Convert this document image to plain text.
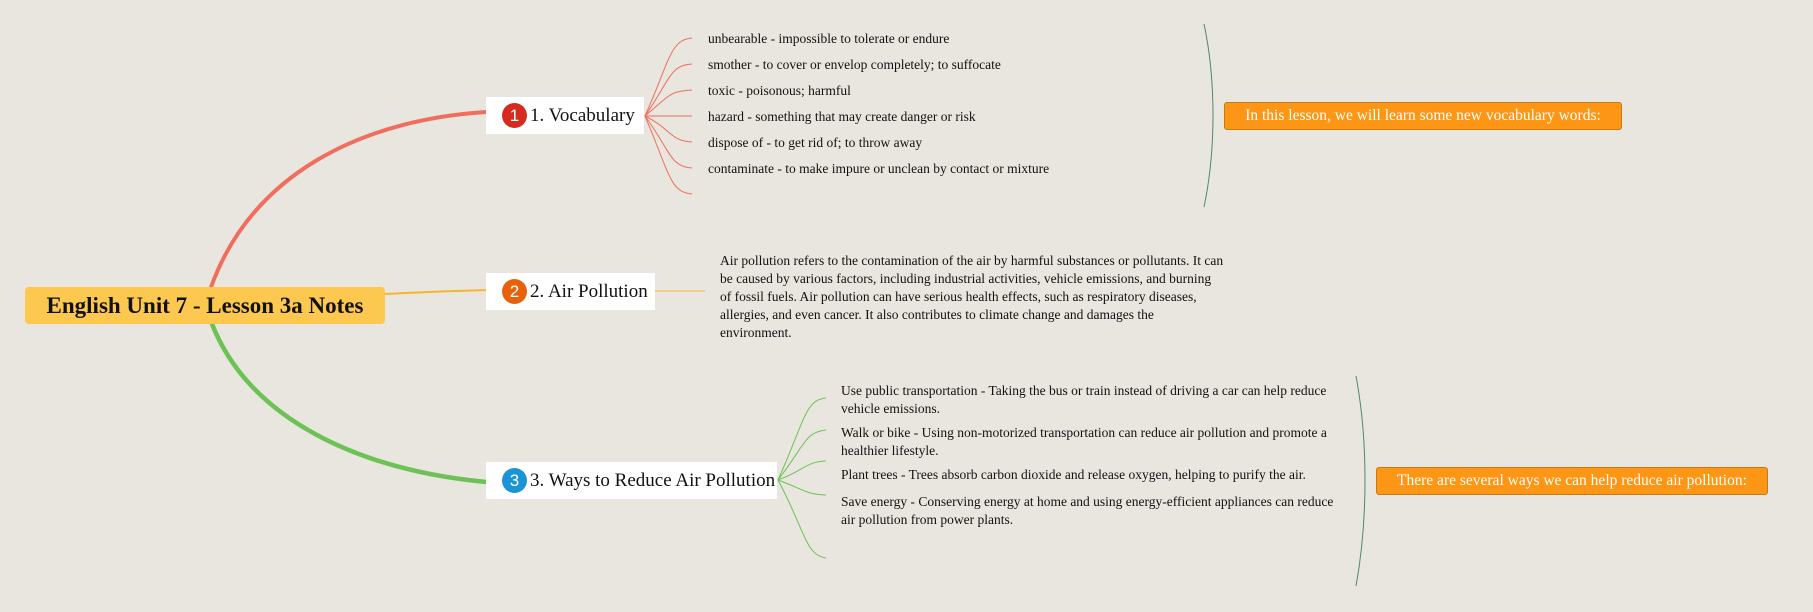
English Unit 7 - Lesson 3a Notes
1 1. Vocabulary
unbearable - impossible to tolerate or endure
smother - to cover or envelop completely; to suffocate
toxic - poisonous; harmful
hazard - something that may create danger or risk
dispose of - to get rid of; to throw away
contaminate - to make impure or unclean by contact or mixture
In this lesson, we will learn some new vocabulary words:
2 2. Air Pollution
Air pollution refers to the contamination of the air by harmful substances or pollutants. It can be caused by various factors, including industrial activities, vehicle emissions, and burning of fossil fuels. Air pollution can have serious health effects, such as respiratory diseases, allergies, and even cancer. It also contributes to climate change and damages the environment.
3 3. Ways to Reduce Air Pollution
Use public transportation - Taking the bus or train instead of driving a car can help reduce vehicle emissions.
Walk or bike - Using non-motorized transportation can reduce air pollution and promote a healthier lifestyle.
Plant trees - Trees absorb carbon dioxide and release oxygen, helping to purify the air.
Save energy - Conserving energy at home and using energy-efficient appliances can reduce air pollution from power plants.
There are several ways we can help reduce air pollution:
